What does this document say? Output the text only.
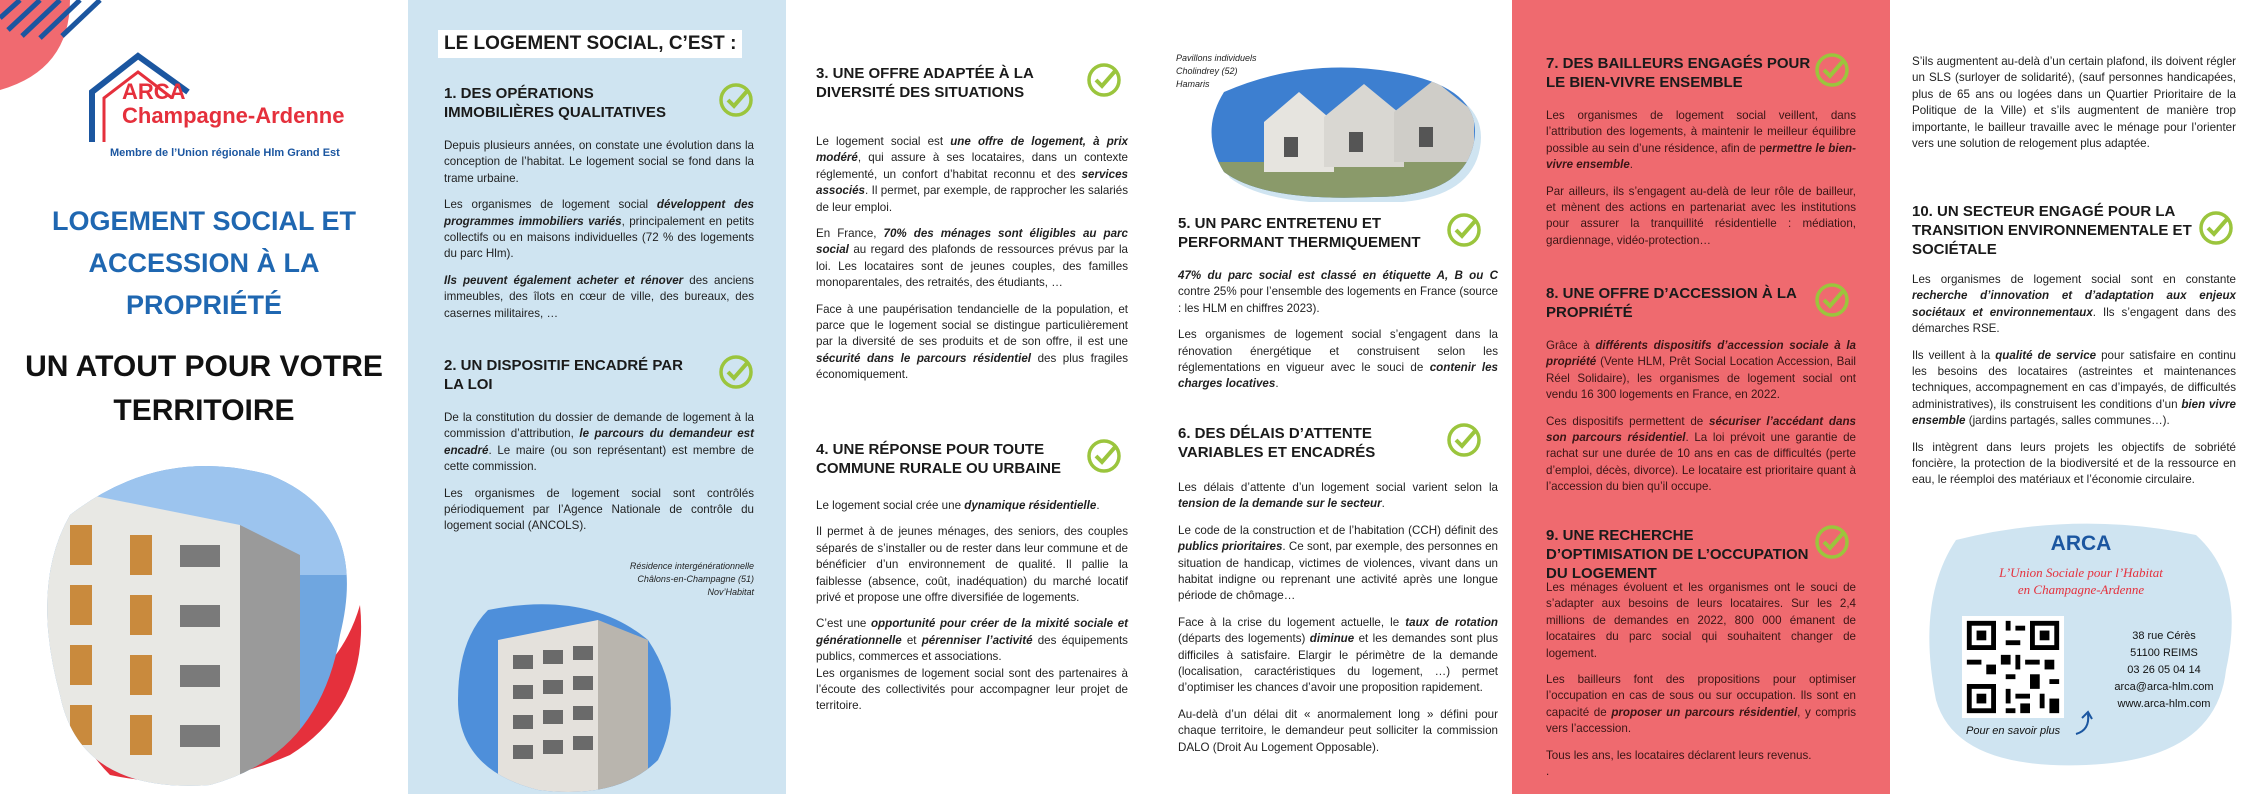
ARCA
Champagne-Ardenne
Membre de l’Union régionale Hlm Grand Est
LOGEMENT SOCIAL ET ACCESSION À LA PROPRIÉTÉ
UN ATOUT POUR VOTRE TERRITOIRE
LE LOGEMENT SOCIAL, C’EST :
1. DES OPÉRATIONS IMMOBILIÈRES QUALITATIVES

Depuis plusieurs années, on constate une évolution dans la conception de l’habitat. Le logement social se fond dans la trame urbaine.

Les organismes de logement social développent des programmes immobiliers variés, principalement en petits collectifs ou en maisons individuelles (72 % des logements du parc Hlm).

Ils peuvent également acheter et rénover des anciens immeubles, des îlots en cœur de ville, des bureaux, des casernes militaires, …

2. UN DISPOSITIF ENCADRÉ PAR LA LOI

De la constitution du dossier de demande de logement à la commission d’attribution, le parcours du demandeur est encadré. Le maire (ou son représentant) est membre de cette commission.

Les organismes de logement social sont contrôlés périodiquement par l’Agence Nationale de contrôle du logement social (ANCOLS).

Résidence intergénérationnelle
Châlons-en-Champagne (51)
Nov’Habitat
3. UNE OFFRE ADAPTÉE À LA DIVERSITÉ DES SITUATIONS

Le logement social est une offre de logement, à prix modéré, qui assure à ses locataires, dans un contexte réglementé, un confort d’habitat reconnu et des services associés. Il permet, par exemple, de rapprocher les salariés de leur emploi.

En France, 70% des ménages sont éligibles au parc social au regard des plafonds de ressources prévus par la loi. Les locataires sont de jeunes couples, des familles monoparentales, des retraités, des étudiants, …

Face à une paupérisation tendancielle de la population, et parce que le logement social se distingue particulièrement par la diversité de ses produits et de son offre, il est une sécurité dans le parcours résidentiel des plus fragiles économiquement.

4. UNE RÉPONSE POUR TOUTE COMMUNE RURALE OU URBAINE

Le logement social crée une dynamique résidentielle.

Il permet à de jeunes ménages, des seniors, des couples séparés de s’installer ou de rester dans leur commune et de bénéficier d’un environnement de qualité. Il pallie la faiblesse (absence, coût, inadéquation) du marché locatif privé et propose une offre diversifiée de logements.

C’est une opportunité pour créer de la mixité sociale et générationnelle et pérenniser l’activité des équipements publics, commerces et associations.

Les organismes de logement social sont des partenaires à l’écoute des collectivités pour accompagner leur projet de territoire.

Pavillons individuels
Cholindrey (52)
Hamaris
5. UN PARC ENTRETENU ET PERFORMANT THERMIQUEMENT

47% du parc social est classé en étiquette A, B ou C contre 25% pour l’ensemble des logements en France (source : les HLM en chiffres 2023).

Les organismes de logement social s’engagent dans la rénovation énergétique et construisent selon les réglementations en vigueur avec le souci de contenir les charges locatives.

6. DES DÉLAIS D’ATTENTE VARIABLES ET ENCADRÉS

Les délais d’attente d’un logement social varient selon la tension de la demande sur le secteur.

Le code de la construction et de l’habitation (CCH) définit des publics prioritaires. Ce sont, par exemple, des personnes en situation de handicap, victimes de violences, vivant dans un habitat indigne ou reprenant une activité après une longue période de chômage…

Face à la crise du logement actuelle, le taux de rotation (départs des logements) diminue et les demandes sont plus difficiles à satisfaire. Elargir le périmètre de la demande (localisation, caractéristiques du logement, …) permet d’optimiser les chances d’avoir une proposition rapidement.

Au-delà d’un délai dit « anormalement long » défini pour chaque territoire, le demandeur peut solliciter la commission DALO (Droit Au Logement Opposable).

7. DES BAILLEURS ENGAGÉS POUR LE BIEN-VIVRE ENSEMBLE

Les organismes de logement social veillent, dans l’attribution des logements, à maintenir le meilleur équilibre possible au sein d’une résidence, afin de permettre le bien-vivre ensemble.

Par ailleurs, ils s’engagent au-delà de leur rôle de bailleur, et mènent des actions en partenariat avec les institutions pour assurer la tranquillité résidentielle : médiation, gardiennage, vidéo-protection…

8. UNE OFFRE D’ACCESSION À LA PROPRIÉTÉ

Grâce à différents dispositifs d’accession sociale à la propriété (Vente HLM, Prêt Social Location Accession, Bail Réel Solidaire), les organismes de logement social ont vendu 16 300 logements en France, en 2022.

Ces dispositifs permettent de sécuriser l’accédant dans son parcours résidentiel. La loi prévoit une garantie de rachat sur une durée de 10 ans en cas de difficultés (perte d’emploi, décès, divorce). Le locataire est prioritaire quant à l’accession du bien qu’il occupe.

9. UNE RECHERCHE D’OPTIMISATION DE L’OCCUPATION DU LOGEMENT

Les ménages évoluent et les organismes ont le souci de s’adapter aux besoins de leurs locataires. Sur les 2,4 millions de demandes en 2022, 800 000 émanent de locataires du parc social qui souhaitent changer de logement.

Les bailleurs font des propositions pour optimiser l’occupation en cas de sous ou sur occupation. Ils sont en capacité de proposer un parcours résidentiel, y compris vers l’accession.

Tous les ans, les locataires déclarent leurs revenus.

.

S’ils augmentent au-delà d’un certain plafond, ils doivent régler un SLS (surloyer de solidarité), (sauf personnes handicapées, plus de 65 ans ou logées dans un Quartier Prioritaire de la Politique de la Ville) et s’ils augmentent de manière trop importante, le bailleur travaille avec le ménage pour l’orienter vers une solution de relogement plus adaptée.

10. UN SECTEUR ENGAGÉ POUR LA TRANSITION ENVIRONNEMENTALE ET SOCIÉTALE

Les organismes de logement social sont en constante recherche d’innovation et d’adaptation aux enjeux sociétaux et environnementaux. Ils s’engagent dans des démarches RSE.

Ils veillent à la qualité de service pour satisfaire en continu les besoins des locataires (astreintes et maintenances techniques, accompagnement en cas d’impayés, de difficultés administratives), ils construisent les conditions d’un bien vivre ensemble (jardins partagés, salles communes…).

Ils intègrent dans leurs projets les objectifs de sobriété foncière, la protection de la biodiversité et de la ressource en eau, le réemploi des matériaux et l’économie circulaire.

ARCA
L’Union Sociale pour l’Habitat
en Champagne-Ardenne
38 rue Cérès
51100 REIMS
03 26 05 04 14
arca@arca-hlm.com
www.arca-hlm.com
Pour en savoir plus
